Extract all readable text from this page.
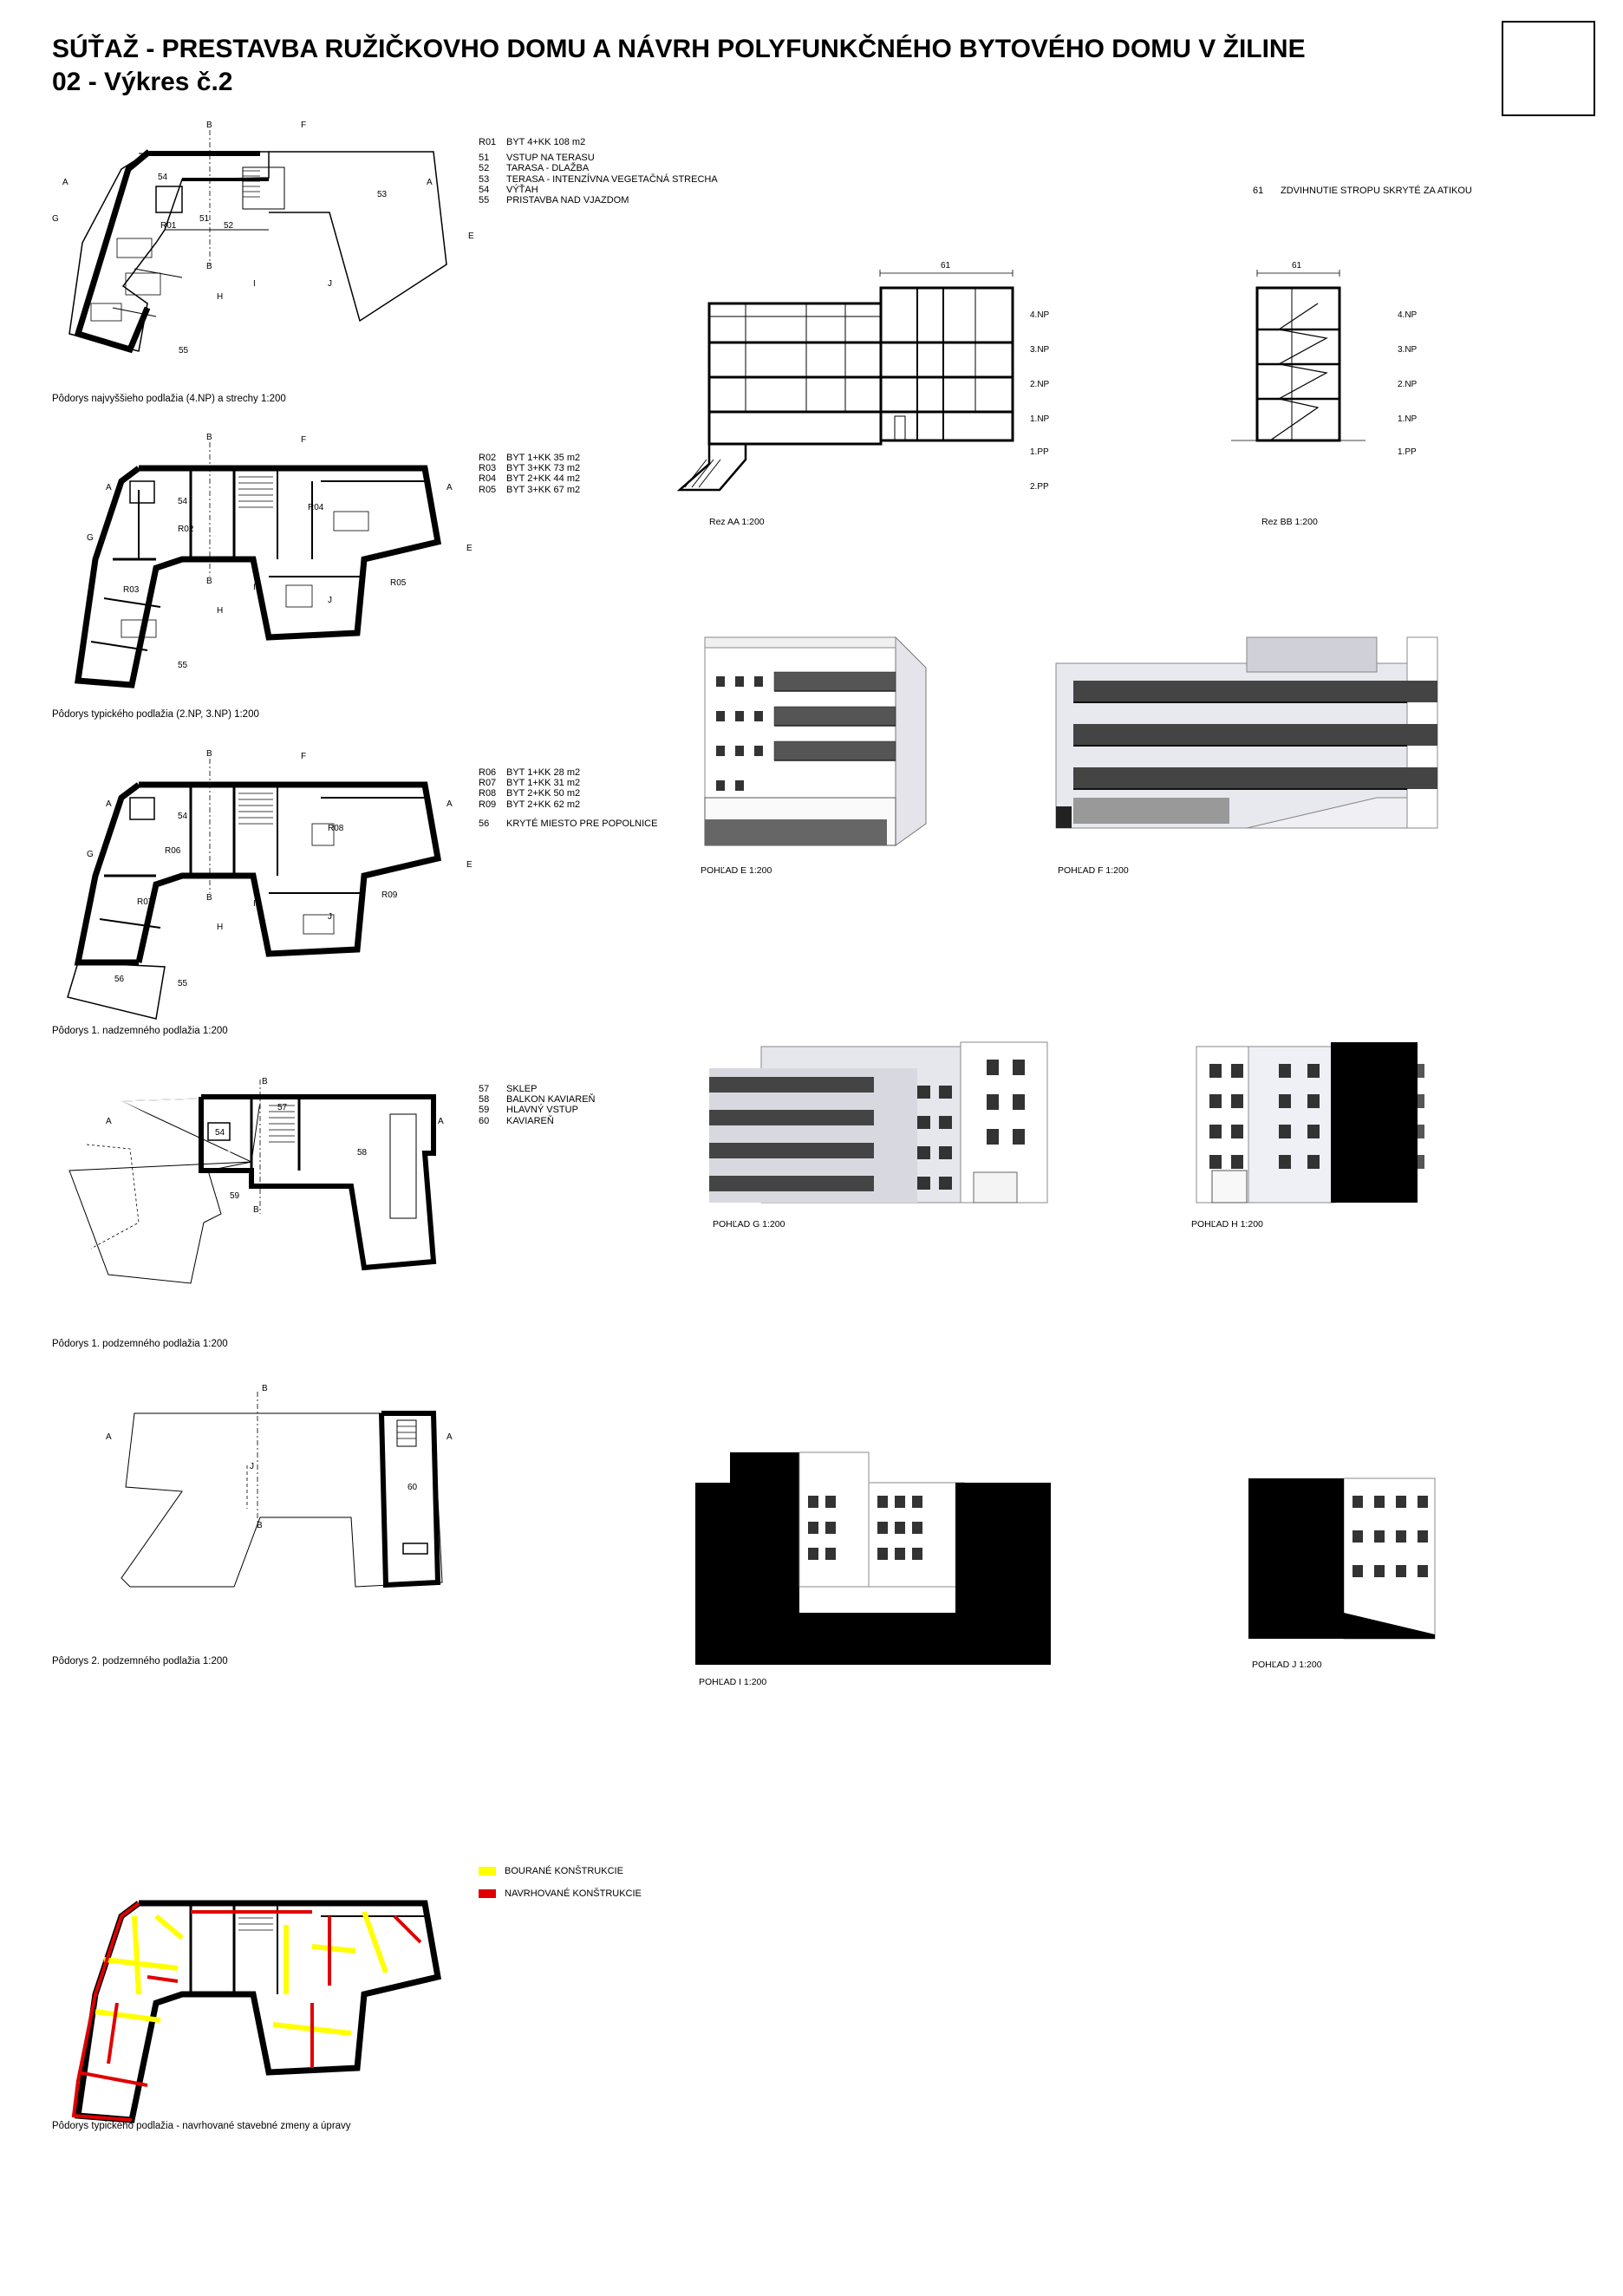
SÚŤAŽ - PRESTAVBA RUŽIČKOVHO DOMU A NÁVRH POLYFUNKČNÉHO BYTOVÉHO DOMU V ŽILINE
02 - Výkres č.2
54
R01
51
52
53
55
B
B
A	A
G
E
H
I	J
F
Pôdorys najvyššieho podlažia (4.NP) a strechy 1:200
R01	BYT 4+KK 108 m2
51	VSTUP NA TERASU
52	TARASA - DLAŽBA
53	TERASA - INTENZÍVNA VEGETAČNÁ STRECHA
54	VÝŤAH
55	PRISTAVBA NAD VJAZDOM
61	ZDVIHNUTIE STROPU SKRYTÉ ZA ATIKOU
61
4.NP
3.NP
2.NP
1.NP
1.PP
2.PP
Rez AA 1:200
61
4.NP
3.NP
2.NP
1.NP
1.PP
Rez BB 1:200
54
R02
R03
R04
R05
55
B
B
A	A
G
E
H
I
J
F
Pôdorys typického podlažia (2.NP, 3.NP) 1:200
R02	BYT 1+KK 35 m2
R03	BYT 3+KK 73 m2
R04	BYT 2+KK 44 m2
R05	BYT 3+KK 67 m2
POHĽAD E 1:200	POHĽAD F 1:200
54
R06
R07
R08
R09
56	55
B
B
A	A
G
E
H
I
J
F
Pôdorys 1. nadzemného podlažia 1:200
R06	BYT 1+KK 28 m2
R07	BYT 1+KK 31 m2
R08	BYT 2+KK 50 m2
R09	BYT 2+KK 62 m2
56	KRYTÉ MIESTO PRE POPOLNICE
POHĽAD G 1:200	POHĽAD H 1:200
54
57
58
59
B
B
A	A
Pôdorys 1. podzemného podlažia 1:200
57	SKLEP
58	BALKON KAVIAREŇ
59	HLAVNÝ VSTUP
60	KAVIAREŇ
60
B
B
A	A
J
Pôdorys 2. podzemného podlažia 1:200
POHĽAD I 1:200
POHĽAD J 1:200
BOURANÉ KONŠTRUKCIE
NAVRHOVANÉ KONŠTRUKCIE
Pôdorys typického podlažia - navrhované stavebné zmeny a úpravy
